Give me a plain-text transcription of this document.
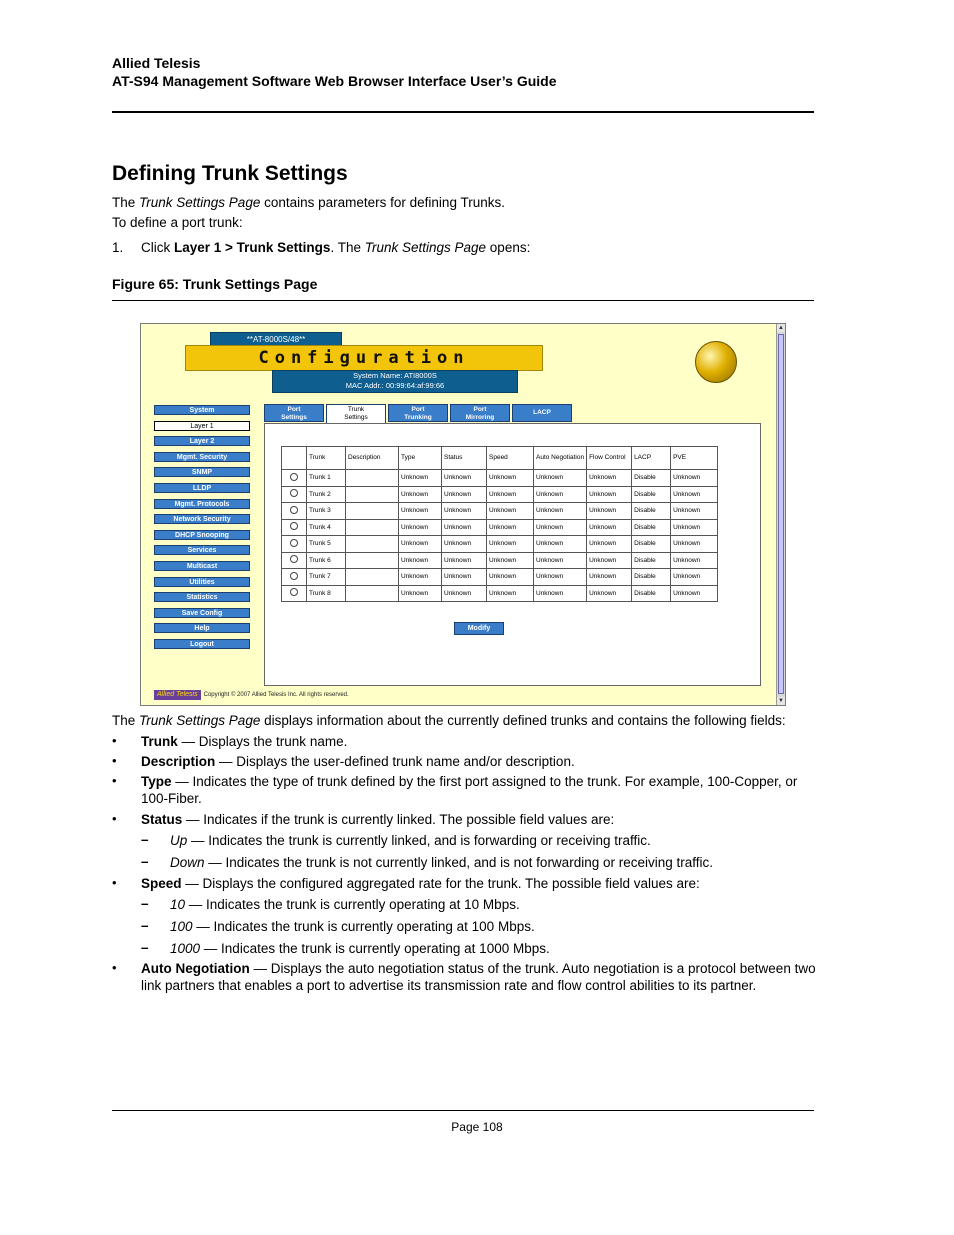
Allied Telesis
AT-S94 Management Software Web Browser Interface User’s Guide
Defining Trunk Settings
The Trunk Settings Page contains parameters for defining Trunks.
To define a port trunk:
1. Click Layer 1 > Trunk Settings. The Trunk Settings Page opens:
Figure 65: Trunk Settings Page
**AT-8000S/48**
Configuration
System Name: ATI8000S
MAC Addr.: 00:99:64:af:99:66
System
Layer 1
Layer 2
Mgmt. Security
SNMP
LLDP
Mgmt. Protocols
Network Security
DHCP Snooping
Services
Multicast
Utilities
Statistics
Save Config
Help
Logout
Port
Settings
Trunk
Settings
Port
Trunking
Port
Mirroring
LACP
	Trunk	Description	Type	Status	Speed	Auto Negotiation	Flow Control	LACP	PVE
	Trunk 1		Unknown	Unknown	Unknown	Unknown	Unknown	Disable	Unknown
	Trunk 2		Unknown	Unknown	Unknown	Unknown	Unknown	Disable	Unknown
	Trunk 3		Unknown	Unknown	Unknown	Unknown	Unknown	Disable	Unknown
	Trunk 4		Unknown	Unknown	Unknown	Unknown	Unknown	Disable	Unknown
	Trunk 5		Unknown	Unknown	Unknown	Unknown	Unknown	Disable	Unknown
	Trunk 6		Unknown	Unknown	Unknown	Unknown	Unknown	Disable	Unknown
	Trunk 7		Unknown	Unknown	Unknown	Unknown	Unknown	Disable	Unknown
	Trunk 8		Unknown	Unknown	Unknown	Unknown	Unknown	Disable	Unknown
Modify
Allied Telesis Copyright © 2007 Allied Telesis Inc. All rights reserved.
▲
▼
The Trunk Settings Page displays information about the currently defined trunks and contains the following fields:
• Trunk — Displays the trunk name.
• Description — Displays the user-defined trunk name and/or description.
• Type — Indicates the type of trunk defined by the first port assigned to the trunk. For example, 100-Copper, or 100-Fiber.
• Status — Indicates if the trunk is currently linked. The possible field values are:
– Up — Indicates the trunk is currently linked, and is forwarding or receiving traffic.
– Down — Indicates the trunk is not currently linked, and is not forwarding or receiving traffic.
• Speed — Displays the configured aggregated rate for the trunk. The possible field values are:
– 10 — Indicates the trunk is currently operating at 10 Mbps.
– 100 — Indicates the trunk is currently operating at 100 Mbps.
– 1000 — Indicates the trunk is currently operating at 1000 Mbps.
• Auto Negotiation — Displays the auto negotiation status of the trunk. Auto negotiation is a protocol between two link partners that enables a port to advertise its transmission rate and flow control abilities to its partner.
Page 108
